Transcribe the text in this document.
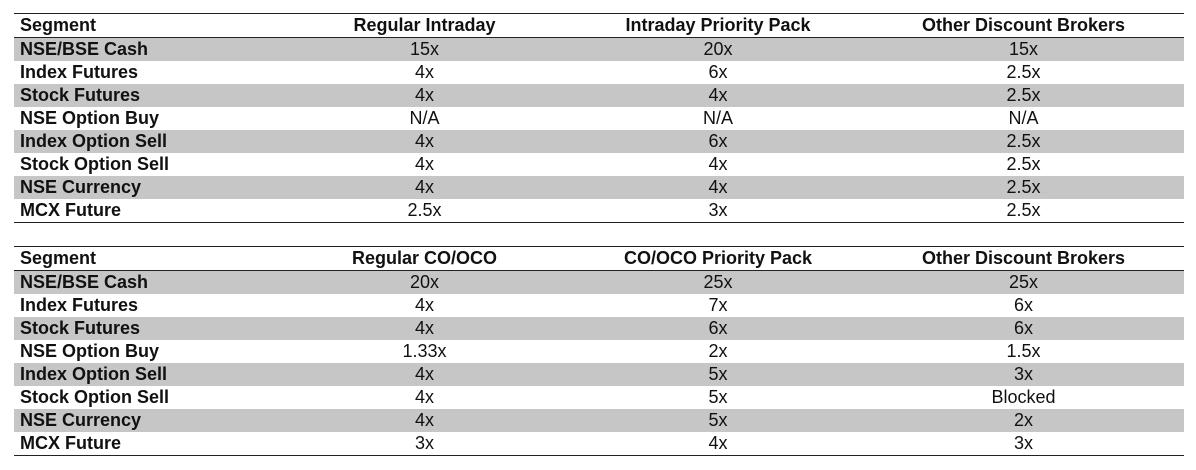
Segment	Regular Intraday	Intraday Priority Pack	Other Discount Brokers
NSE/BSE Cash	15x	20x	15x
Index Futures	4x	6x	2.5x
Stock Futures	4x	4x	2.5x
NSE Option Buy	N/A	N/A	N/A
Index Option Sell	4x	6x	2.5x
Stock Option Sell	4x	4x	2.5x
NSE Currency	4x	4x	2.5x
MCX Future	2.5x	3x	2.5x
Segment	Regular CO/OCO	CO/OCO Priority Pack	Other Discount Brokers
NSE/BSE Cash	20x	25x	25x
Index Futures	4x	7x	6x
Stock Futures	4x	6x	6x
NSE Option Buy	1.33x	2x	1.5x
Index Option Sell	4x	5x	3x
Stock Option Sell	4x	5x	Blocked
NSE Currency	4x	5x	2x
MCX Future	3x	4x	3x
